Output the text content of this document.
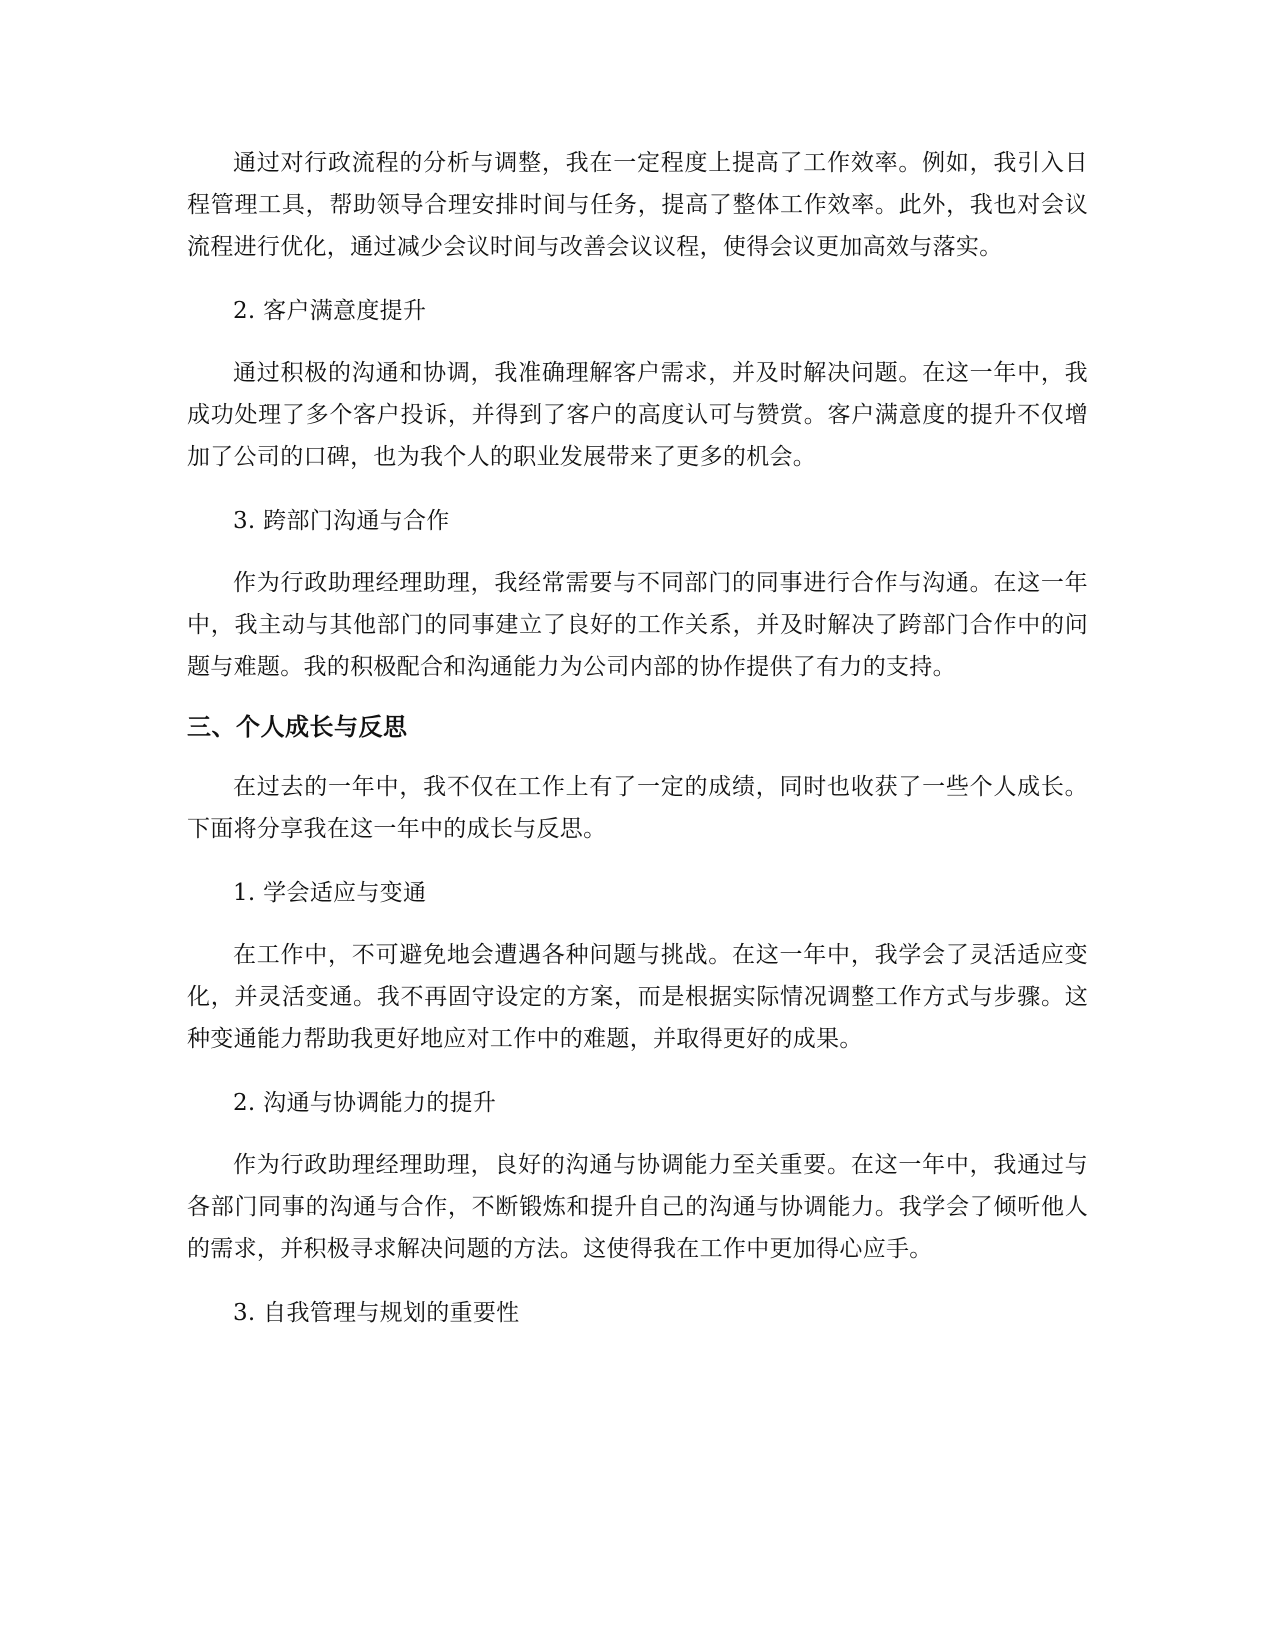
通过对行政流程的分析与调整，我在一定程度上提高了工作效率。例如，我引入日程管理工具，帮助领导合理安排时间与任务，提高了整体工作效率。此外，我也对会议流程进行优化，通过减少会议时间与改善会议议程，使得会议更加高效与落实。

2. 客户满意度提升

通过积极的沟通和协调，我准确理解客户需求，并及时解决问题。在这一年中，我成功处理了多个客户投诉，并得到了客户的高度认可与赞赏。客户满意度的提升不仅增加了公司的口碑，也为我个人的职业发展带来了更多的机会。

3. 跨部门沟通与合作

作为行政助理经理助理，我经常需要与不同部门的同事进行合作与沟通。在这一年中，我主动与其他部门的同事建立了良好的工作关系，并及时解决了跨部门合作中的问题与难题。我的积极配合和沟通能力为公司内部的协作提供了有力的支持。

三、个人成长与反思

在过去的一年中，我不仅在工作上有了一定的成绩，同时也收获了一些个人成长。下面将分享我在这一年中的成长与反思。

1. 学会适应与变通

在工作中，不可避免地会遭遇各种问题与挑战。在这一年中，我学会了灵活适应变化，并灵活变通。我不再固守设定的方案，而是根据实际情况调整工作方式与步骤。这种变通能力帮助我更好地应对工作中的难题，并取得更好的成果。

2. 沟通与协调能力的提升

作为行政助理经理助理，良好的沟通与协调能力至关重要。在这一年中，我通过与各部门同事的沟通与合作，不断锻炼和提升自己的沟通与协调能力。我学会了倾听他人的需求，并积极寻求解决问题的方法。这使得我在工作中更加得心应手。

3. 自我管理与规划的重要性
